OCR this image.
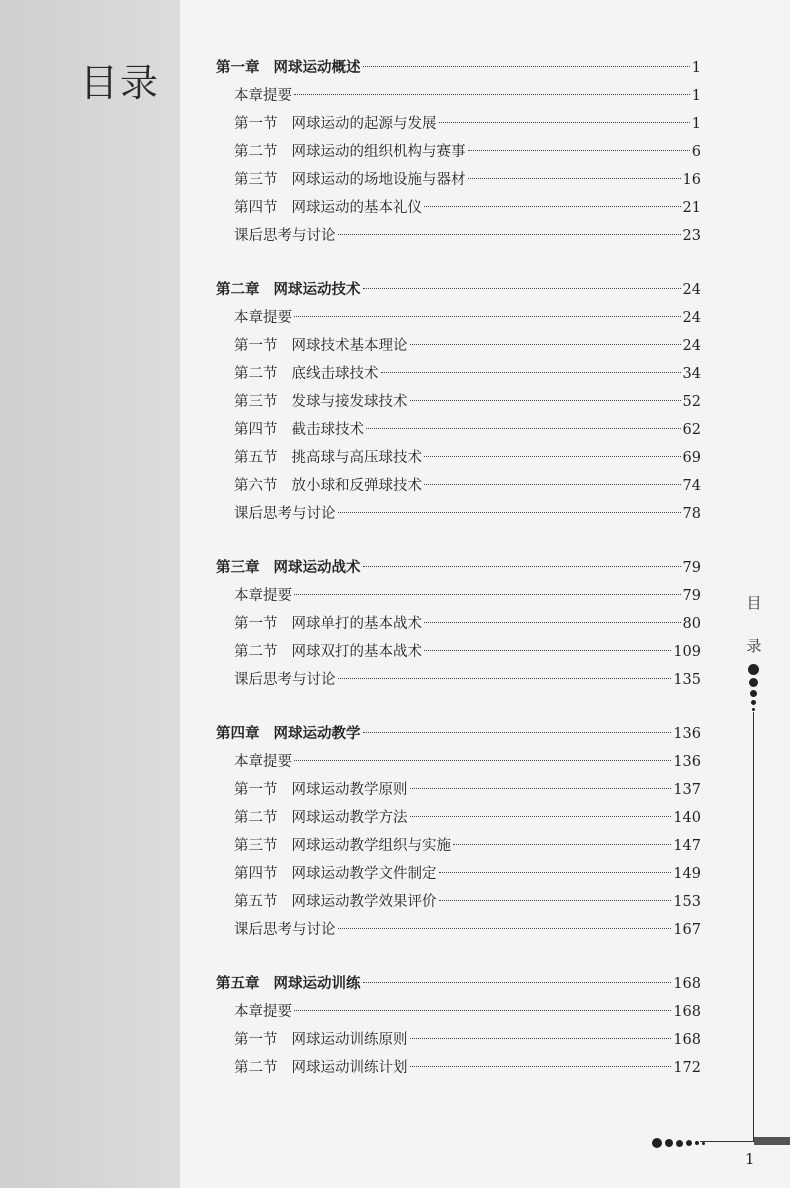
目录	第一章 网球运动概述	1
本章提要	1
第一节 网球运动的起源与发展	1
第二节 网球运动的组织机构与赛事	6
第三节 网球运动的场地设施与器材	16
第四节 网球运动的基本礼仪	21
课后思考与讨论	23
第二章 网球运动技术	24
本章提要	24
第一节 网球技术基本理论	24
第二节 底线击球技术	34
第三节 发球与接发球技术	52
第四节 截击球技术	62
第五节 挑高球与高压球技术	69
第六节 放小球和反弹球技术	74
课后思考与讨论	78
第三章 网球运动战术	79
本章提要	79
第一节 网球单打的基本战术	80
第二节 网球双打的基本战术	109
课后思考与讨论	135
第四章 网球运动教学	136
本章提要	136
第一节 网球运动教学原则	137
第二节 网球运动教学方法	140
第三节 网球运动教学组织与实施	147
第四节 网球运动教学文件制定	149
第五节 网球运动教学效果评价	153
课后思考与讨论	167
第五章 网球运动训练	168
本章提要	168
第一节 网球运动训练原则	168
第二节 网球运动训练计划	172
目
录
1
